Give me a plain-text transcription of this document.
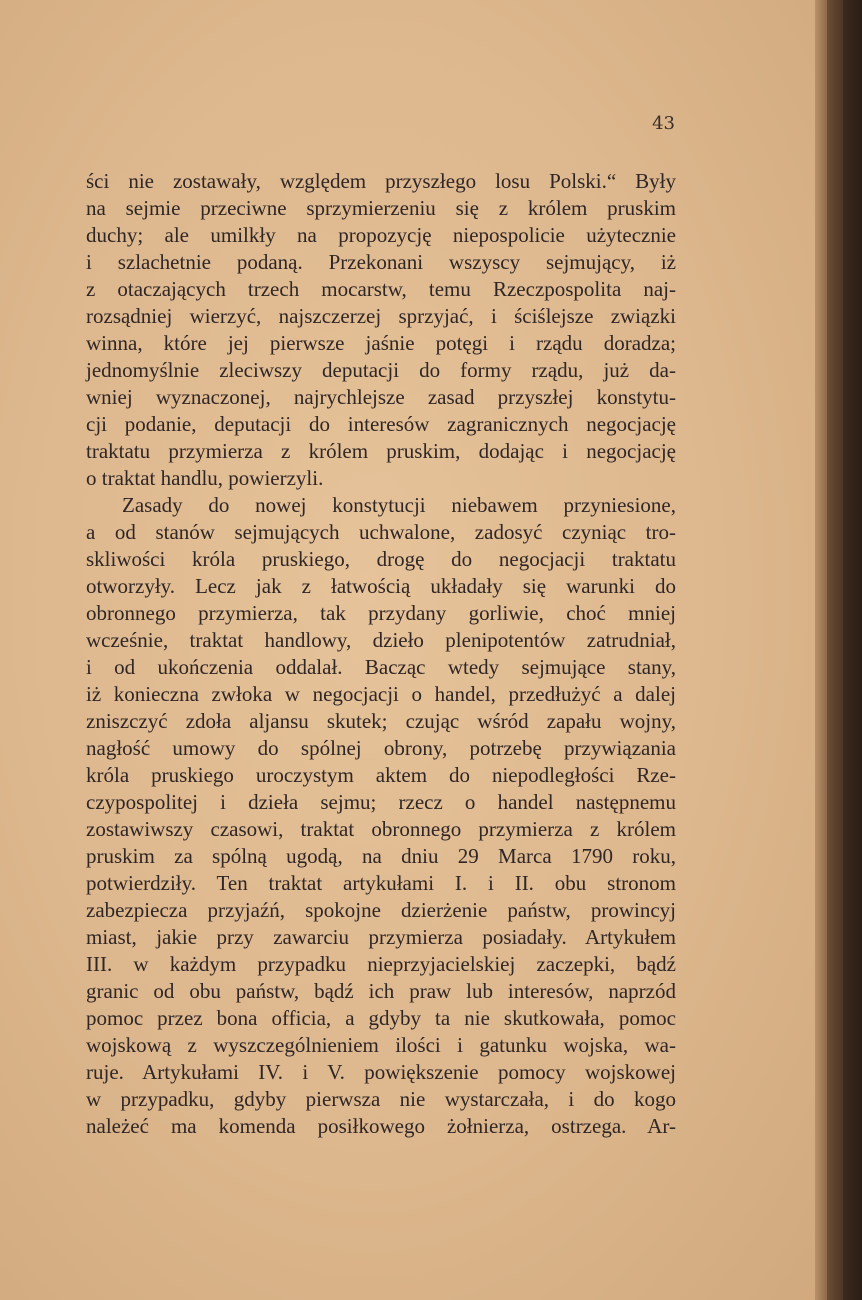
43
ści nie zostawały, względem przyszłego losu Polski.“ Były
na sejmie przeciwne sprzymierzeniu się z królem pruskim
duchy; ale umilkły na propozycję niepospolicie użytecznie
i szlachetnie podaną. Przekonani wszyscy sejmujący, iż
z otaczających trzech mocarstw, temu Rzeczpospolita naj-
rozsądniej wierzyć, najszczerzej sprzyjać, i ściślejsze związki
winna, które jej pierwsze jaśnie potęgi i rządu doradza;
jednomyślnie zleciwszy deputacji do formy rządu, już da-
wniej wyznaczonej, najrychlejsze zasad przyszłej konstytu-
cji podanie, deputacji do interesów zagranicznych negocjację
traktatu przymierza z królem pruskim, dodając i negocjację
o traktat handlu, powierzyli.
Zasady do nowej konstytucji niebawem przyniesione,
a od stanów sejmujących uchwalone, zadosyć czyniąc tro-
skliwości króla pruskiego, drogę do negocjacji traktatu
otworzyły. Lecz jak z łatwością układały się warunki do
obronnego przymierza, tak przydany gorliwie, choć mniej
wcześnie, traktat handlowy, dzieło plenipotentów zatrudniał,
i od ukończenia oddalał. Bacząc wtedy sejmujące stany,
iż konieczna zwłoka w negocjacji o handel, przedłużyć a dalej
zniszczyć zdoła aljansu skutek; czując wśród zapału wojny,
nagłość umowy do spólnej obrony, potrzebę przywiązania
króla pruskiego uroczystym aktem do niepodległości Rze-
czypospolitej i dzieła sejmu; rzecz o handel następnemu
zostawiwszy czasowi, traktat obronnego przymierza z królem
pruskim za spólną ugodą, na dniu 29 Marca 1790 roku,
potwierdziły. Ten traktat artykułami I. i II. obu stronom
zabezpiecza przyjaźń, spokojne dzierżenie państw, prowincyj
miast, jakie przy zawarciu przymierza posiadały. Artykułem
III. w każdym przypadku nieprzyjacielskiej zaczepki, bądź
granic od obu państw, bądź ich praw lub interesów, naprzód
pomoc przez bona officia, a gdyby ta nie skutkowała, pomoc
wojskową z wyszczególnieniem ilości i gatunku wojska, wa-
ruje. Artykułami IV. i V. powiększenie pomocy wojskowej
w przypadku, gdyby pierwsza nie wystarczała, i do kogo
należeć ma komenda posiłkowego żołnierza, ostrzega. Ar-
